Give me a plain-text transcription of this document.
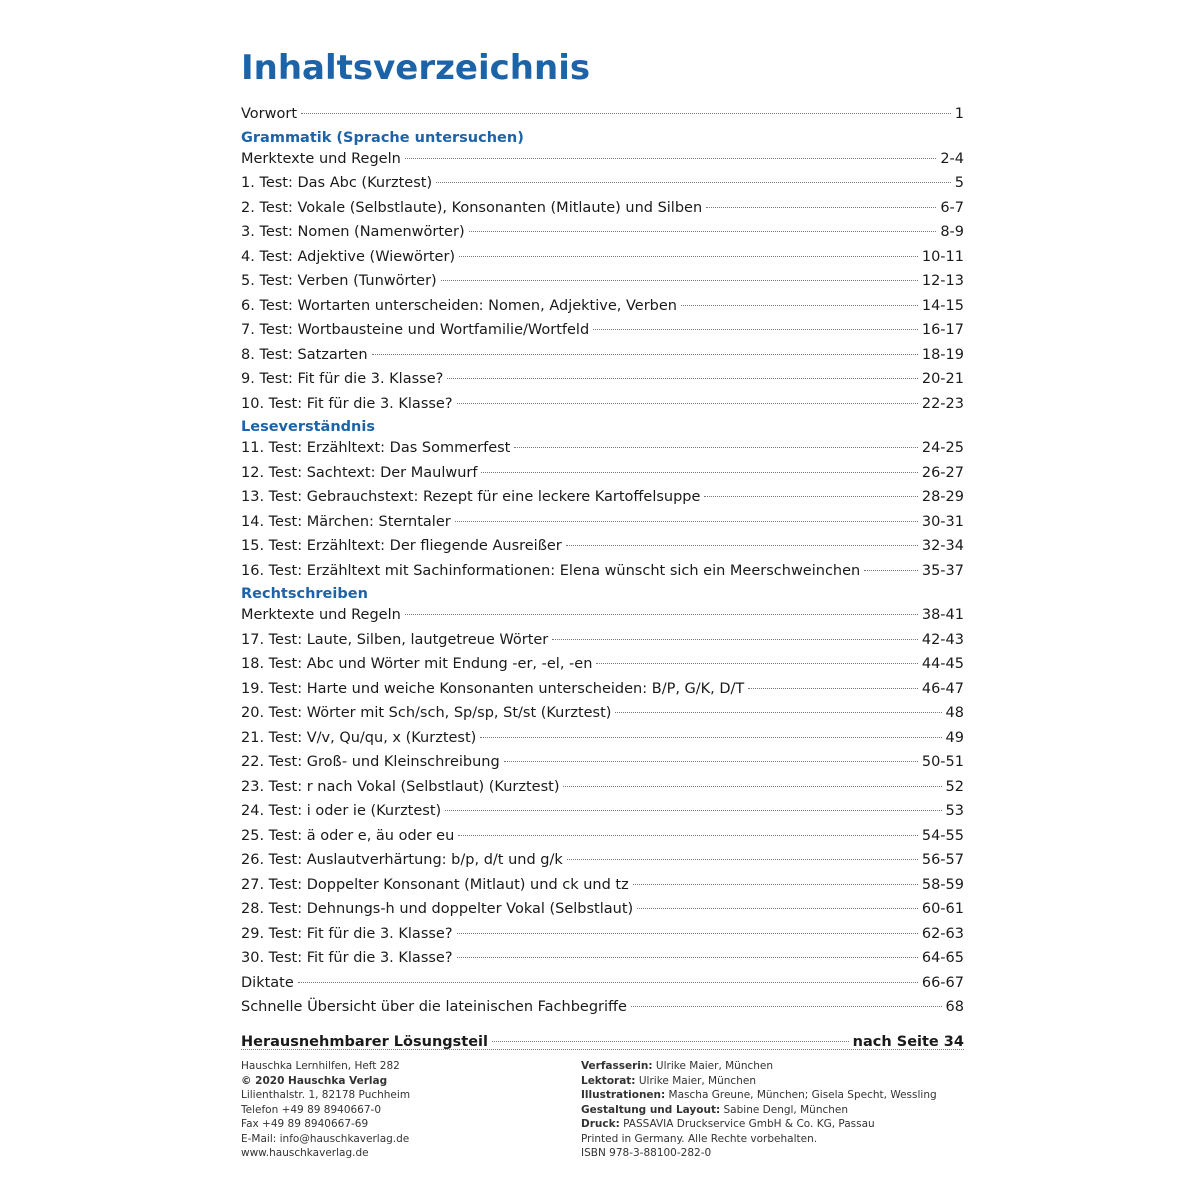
Inhaltsverzeichnis
Vorwort	1
Grammatik (Sprache untersuchen)
Merktexte und Regeln	2-4
1. Test: Das Abc (Kurztest)	5
2. Test: Vokale (Selbstlaute), Konsonanten (Mitlaute) und Silben	6-7
3. Test: Nomen (Namenwörter)	8-9
4. Test: Adjektive (Wiewörter)	10-11
5. Test: Verben (Tunwörter)	12-13
6. Test: Wortarten unterscheiden: Nomen, Adjektive, Verben	14-15
7. Test: Wortbausteine und Wortfamilie/Wortfeld	16-17
8. Test: Satzarten	18-19
9. Test: Fit für die 3. Klasse?	20-21
10. Test: Fit für die 3. Klasse?	22-23
Leseverständnis
11. Test: Erzähltext: Das Sommerfest	24-25
12. Test: Sachtext: Der Maulwurf	26-27
13. Test: Gebrauchstext: Rezept für eine leckere Kartoffelsuppe	28-29
14. Test: Märchen: Sterntaler	30-31
15. Test: Erzähltext: Der fliegende Ausreißer	32-34
16. Test: Erzähltext mit Sachinformationen: Elena wünscht sich ein Meerschweinchen	35-37
Rechtschreiben
Merktexte und Regeln	38-41
17. Test: Laute, Silben, lautgetreue Wörter	42-43
18. Test: Abc und Wörter mit Endung -er, -el, -en	44-45
19. Test: Harte und weiche Konsonanten unterscheiden: B/P, G/K, D/T	46-47
20. Test: Wörter mit Sch/sch, Sp/sp, St/st (Kurztest)	48
21. Test: V/v, Qu/qu, x (Kurztest)	49
22. Test: Groß- und Kleinschreibung	50-51
23. Test: r nach Vokal (Selbstlaut) (Kurztest)	52
24. Test: i oder ie (Kurztest)	53
25. Test: ä oder e, äu oder eu	54-55
26. Test: Auslautverhärtung: b/p, d/t und g/k	56-57
27. Test: Doppelter Konsonant (Mitlaut) und ck und tz	58-59
28. Test: Dehnungs-h und doppelter Vokal (Selbstlaut)	60-61
29. Test: Fit für die 3. Klasse?	62-63
30. Test: Fit für die 3. Klasse?	64-65
Diktate	66-67
Schnelle Übersicht über die lateinischen Fachbegriffe	68
Herausnehmbarer Lösungsteil	nach Seite 34
Hauschka Lernhilfen, Heft 282
© 2020 Hauschka Verlag
Lilienthalstr. 1, 82178 Puchheim
Telefon +49 89 8940667-0
Fax +49 89 8940667-69
E-Mail: info@hauschkaverlag.de
www.hauschkaverlag.de
Verfasserin: Ulrike Maier, München
Lektorat: Ulrike Maier, München
Illustrationen: Mascha Greune, München; Gisela Specht, Wessling
Gestaltung und Layout: Sabine Dengl, München
Druck: PASSAVIA Druckservice GmbH & Co. KG, Passau
Printed in Germany. Alle Rechte vorbehalten.
ISBN 978-3-88100-282-0
